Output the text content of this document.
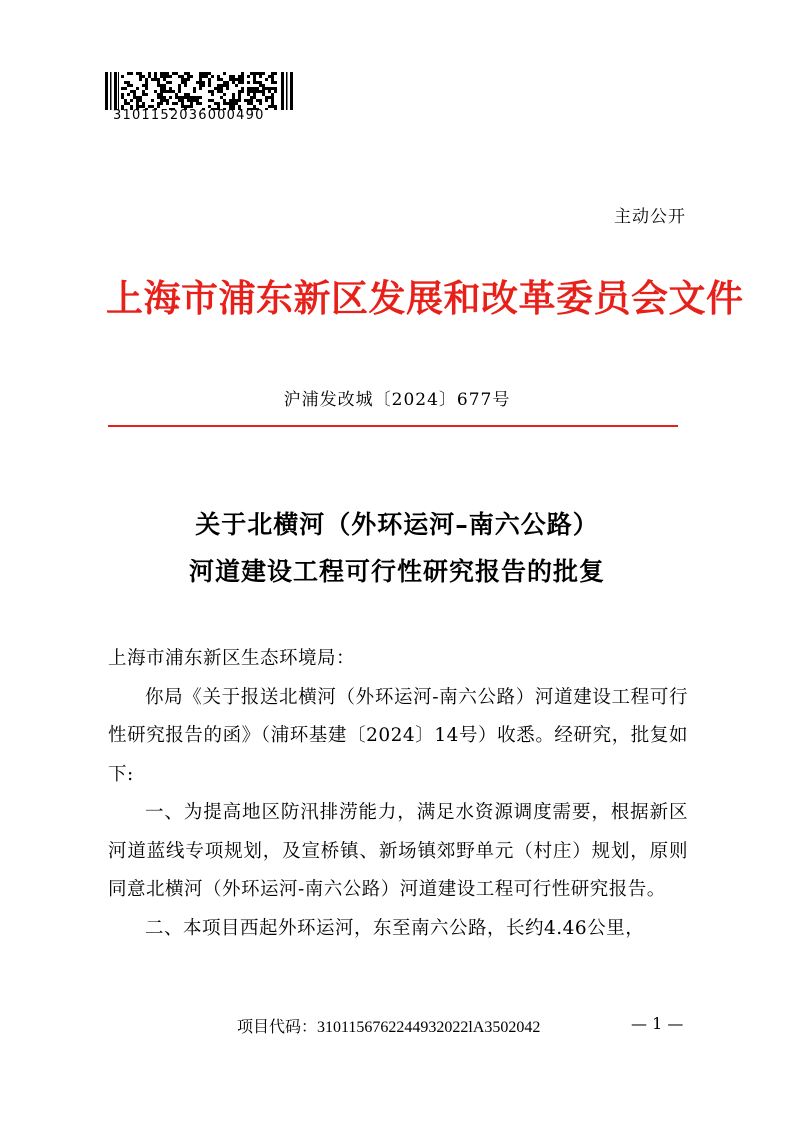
3101152036000490
主动公开
上海市浦东新区发展和改革委员会文件
沪浦发改城〔2024〕677号
关于北横河（外环运河–南六公路）
河道建设工程可行性研究报告的批复

上海市浦东新区生态环境局：

你局《关于报送北横河（外环运河-南六公路）河道建设工程可行性研究报告的函》（浦环基建〔2024〕14号）收悉。经研究，批复如下:

一、为提高地区防汛排涝能力，满足水资源调度需要，根据新区河道蓝线专项规划，及宣桥镇、新场镇郊野单元（村庄）规划，原则同意北横河（外环运河-南六公路）河道建设工程可行性研究报告。

二、本项目西起外环运河，东至南六公路，长约4.46公里，

项目代码：3101156762244932022lA3502042	— 1 —
